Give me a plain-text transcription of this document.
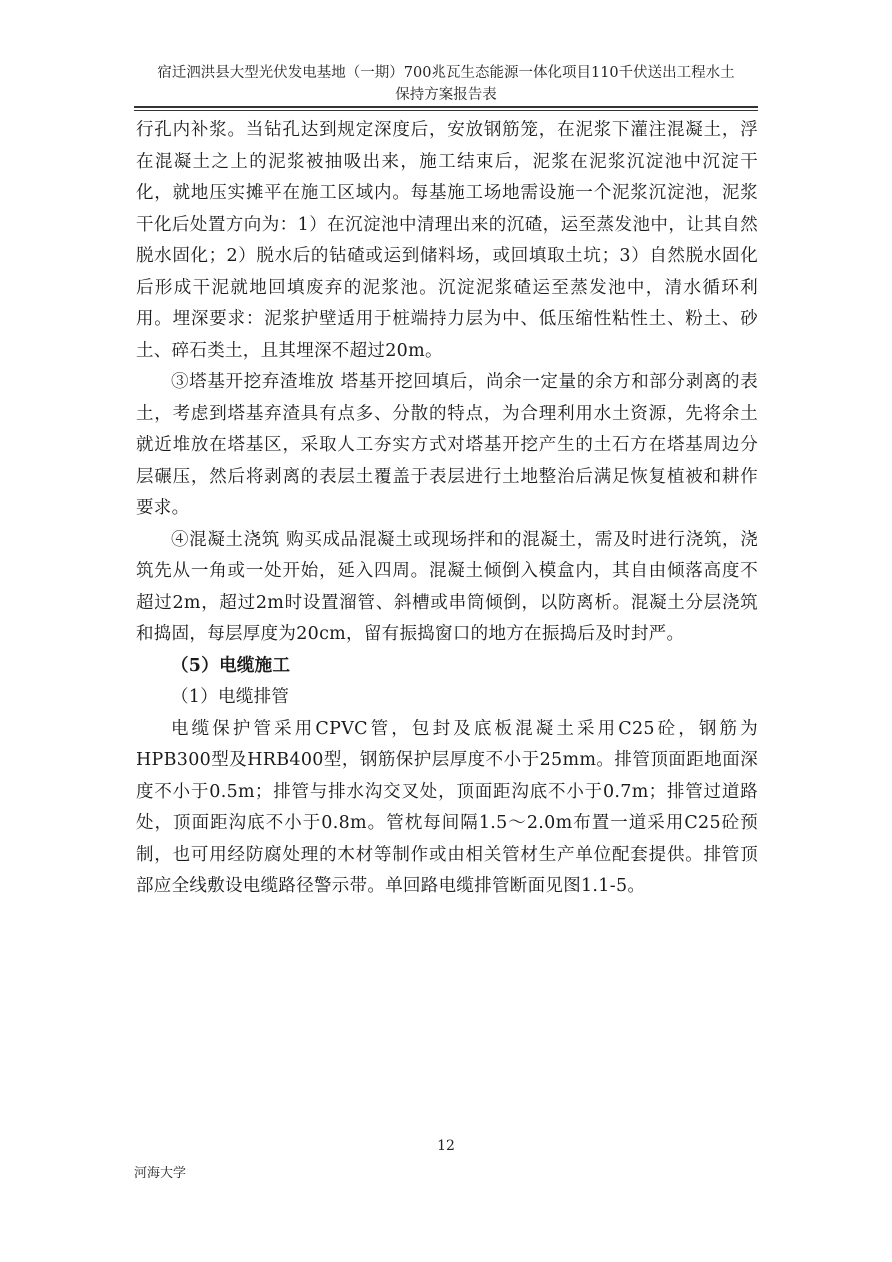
宿迁泗洪县大型光伏发电基地（一期）700兆瓦生态能源一体化项目110千伏送出工程水土
保持方案报告表

行孔内补浆。当钻孔达到规定深度后，安放钢筋笼，在泥浆下灌注混凝土，浮在混凝土之上的泥浆被抽吸出来，施工结束后，泥浆在泥浆沉淀池中沉淀干化，就地压实摊平在施工区域内。每基施工场地需设施一个泥浆沉淀池，泥浆干化后处置方向为：1）在沉淀池中清理出来的沉碴，运至蒸发池中，让其自然脱水固化；2）脱水后的钻碴或运到储料场，或回填取土坑；3）自然脱水固化后形成干泥就地回填废弃的泥浆池。沉淀泥浆碴运至蒸发池中，清水循环利用。埋深要求：泥浆护壁适用于桩端持力层为中、低压缩性粘性土、粉土、砂土、碎石类土，且其埋深不超过20m。

③塔基开挖弃渣堆放 塔基开挖回填后，尚余一定量的余方和部分剥离的表土，考虑到塔基弃渣具有点多、分散的特点，为合理利用水土资源，先将余土就近堆放在塔基区，采取人工夯实方式对塔基开挖产生的土石方在塔基周边分层碾压，然后将剥离的表层土覆盖于表层进行土地整治后满足恢复植被和耕作要求。

④混凝土浇筑 购买成品混凝土或现场拌和的混凝土，需及时进行浇筑，浇筑先从一角或一处开始，延入四周。混凝土倾倒入模盒内，其自由倾落高度不超过2m，超过2m时设置溜管、斜槽或串筒倾倒，以防离析。混凝土分层浇筑和捣固，每层厚度为20cm，留有振捣窗口的地方在振捣后及时封严。

（5）电缆施工

（1）电缆排管

电缆保护管采用CPVC管，包封及底板混凝土采用C25砼，钢筋为HPB300型及HRB400型，钢筋保护层厚度不小于25mm。排管顶面距地面深度不小于0.5m；排管与排水沟交叉处，顶面距沟底不小于0.7m；排管过道路处，顶面距沟底不小于0.8m。管枕每间隔1.5～2.0m布置一道采用C25砼预制，也可用经防腐处理的木材等制作或由相关管材生产单位配套提供。排管顶部应全线敷设电缆路径警示带。单回路电缆排管断面见图1.1-5。

12
河海大学
